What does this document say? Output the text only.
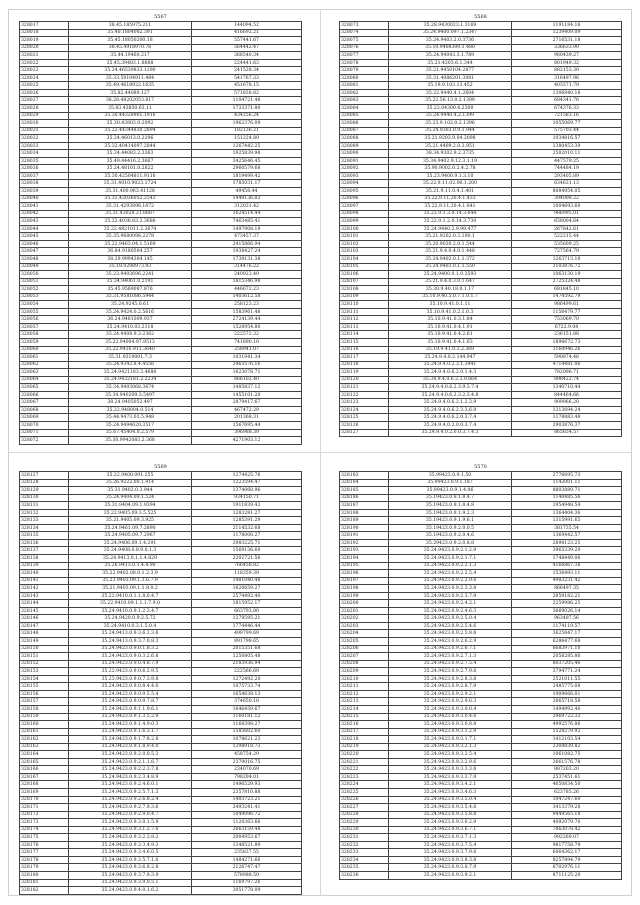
5567
328017	38.45.185975.211	144094.52
328018	35.40.1804002.391	416692.21
328019	35.45.18050200.18	557441.67
328020	38.45.4918970.76	564442.47
328021	35.44.19460.217	368540.34
328022	35.45.39483.1.8688	224441.63
328023	35.24.46539833.1290	241528.34
328024	35.33.59104911.484	541767.33
328025	35.49.4618922.1635	451678.15
328026	35.82.44089.127	571838.82
328027	38.28.48202053.817	1104721.48
328028	35.83.43850.63.11	1733371.80
328029	35.30.44328901.1916	434256.24
328030	35.30.43803.0.2092	1962376.09
328031	35.22.44344830.2894	182136.21
328032	35.24.46013.0.2296	151224.89
328033	35.32.40414097.2844	1267442.25
328034	35.34.44083.2.3363	1925839.98
328035	35.49.44416.2.3667	3425646.45
328036	35.24.48101.0.2822	2960579.68
328037	35.30.42504811.9116	1819499.42
328038	35.31.4010.9023.1724	1785031.17
328039	35.31.400.963.41128	49458.44
328040	35.31.42036052.2543	1449136.02
328041	35.31.4293896.1672	312031.42
328042	35.31.43028.21.6687	1624514.44
328043	35.22.4036.83.2.3686	7463485.41
328044	35.22.4821011.2.3674	1497908.19
328045	35.35.9680098.2278	473457.37
328046	35.22.9463.04.1.5169	2415866.94
328047	36.84.9180504.257	1938427.24
328048	38.29.9994304.145	1739131.38
328049	35.18.0298973.93	314476.22
328050	35.23.9403696.2241	240923.49
328051	35.34.94061.0.2191	1815346.98
328052	35.45.9589087.876	446672.23
328053	35.31.9581086.5944	1403612.58
328054	35.24.9245.0.61	258123.23
328055	35.24.9424.0.2.5616	1583961.48
328056	36.24.9481009.937	2724139.44
328057	35.24.9410.03.2118	1528954.80
328058	35.24.9408.9.3.2362	222572.32
328059	35.22.94004.97.9513	741890.10
328060	35.22.9416.911.3640	358941.07
328061	35.31.9319001.7.3	1031941.34
328062	35.24.9342.8.4.4556	2463576.16
328063	35.24.9421183.3.4688	1623078.71
328064	35.24.9432181.2.2234	866102.40
328065	35.34.9403068.3674	1485837.12
328066	35.34.940209.3.5497	1455101.20
328067	38.24.9405052.497	2879417.67
328068	35.22.948004.0.514	467472.29
328069	35.44.9473.03.5.948	201368.31
328070	35.24.9494620.3517	1567695.44
328071	35.67.45404.0.2.579	396988.39
328072	35.30.9942083.2.368	4271903.12
5568
328073	35.28.9430023.1.3169	1191184.16
328074	35.24.9400.097.1.2347	1239409.09
328075	35.24.9403.2.0.3736	2716531.18
328076	35.10.9408309.1.480	336633.90
328077	35.24.94043.3.1.789	960439.27
328078	35.21.4203.6.1.344	801949.32
328079	35.21.9450104.2877	882153.30
328080	35.31.4086201.3081	316497.96
328081	35.19.9.103.13.452	403571.79
328082	35.22.9440.4.1.2604	1306940.18
328083	35.22.56.13.0.2.1399	684341.76
328084	35.22.04300.4.2300	674376.33
328085	35.24.9440.4.2.1399	721583.16
328086	35.23.9.102.0.2.1396	1055069.77
328087	35.24.9303.0.9.1.944	575703.44
328088	35.21.9203.9.04.2098	1034816.57
328089	35.21.4409.2.0.3.951	1380453.39
328090	38.34.9302.9.2.3735	2502010.11
328091	35.34.9402.9.12.3.1.19	447579.25
328092	35.90.9002.0.2.4.2.78	744484.19
328093	35.23.9400.9.1.3.10	293405.89
328094	35.22.9.11.02.06.1.200	634631.13
328095	35.21.9.11.0.4.1.401	8084954.05
328096	35.22.9.11.20.4.1.433	394008.22
328097	35.22.9.11.20.4.1.841	1004693.60
328098	35.22.9.1.3.0.14.3.644	986995.01
328099	35.22.9.1.2.0.14.3.730	658004.64
328100	35.24.9440.2.9.99.477	267842.61
328101	35.21.9202.0.3.100.1	522215.44
328102	35.20.9030.2.0.1.544	535609.25
328103	35.21.9.4.0.4.0.1.448	727564.79
328104	35.24.9402.0.1.1.372	1263713.10
328105	35.24.9403.0.1.1.550	2103876.72
328106	35.24.9400.0.1.0.3593	1063130.19
328107	35.21.9.4.0.3.0.1.647	2725324.48
328108	35.30.9.40.18.0.1.17	681845.10
328109	35.10.9.40.5.0.7.1.0.1.7	1474592.79
328110	35.10.9.41.0.1.11	986499.61
328111	35.10.9.41.0.2.1.0.3	1156479.77
328112	35.10.9.41.0.3.1.84	753069.70
328113	35.10.9.41.0.4.1.91	6722.9.04
328114	35.10.9.41.0.4.2.61	236151.88
328115	35.10.9.41.0.4.1.63	1896672.73
328116	35.19.9.41.0.3.2.369	1160946.26
328117	35.24.9.4.0.2.144.947	590874.46
328118	35.24.9.4.0.2.3.1.3441	4714481.06
328119	35.24.9.4.0.6.2.0.1.4.3	782096.71
328120	35.34.9.4.0.6.2.3.9.664	898422.74
328121	35.24.9.4.0.6.2.3.9.3.7.4	1340710.44
328122	35.24.9.4.0.6.2.3.2.3.4.8	844464.66
328123	35.24.9.4.0.6.2.1.2.3.9	909966.20
328124	35.24.9.4.0.6.2.3.3.6.0	1313694.24
328125	35.24.9.4.0.6.2.0.3.7.4	1178883.48
328126	35.24.9.4.0.2.0.0.3.7.4	2903876.37
328127	35.24.9.4.0.2.0.0.3.7.4.3	865654.57
5569
328127	35.22.9400.091.255	1274425.76
328128	35.26.9222.00.1.914	1223594.47
328129	35.31.9402.0.3.944	1374068.96
328130	35.24.9404.09.1.524	934150.71
328131	35.31.9404.09.1.9394	1911839.43
328132	35.22.9405.09.3.5.525	1283281.27
328133	35.21.9405.09.3.925	1285391.29
328134	35.24.9461.09.7.2890	2114532.68
328135	35.24.9405.09.7.2967	1178000.27
328136	35.24.9406.09.1.4.291	2983225.71
328137	35.24.9408.0.8.9.0.1.3	1569136.60
328138	35.24.9413.0.1.1.4.829	2202721.56
328139	35.26.9413.0.1.4.4.90	766458.82
328140	35.22.9402.08.0.1.2.3.9	118359.39
328141	35.23.9403.09.1.3.6.7.9	1481040.48
328142	35.21.9403.09.1.1.8.0.2	1620659.27
328143	35.22.9410.0.1.1.8.0.4.7	2574492.40
328144	35.22.9410.09.1.1.1.7.9.0	1815952.17
328145	35.24.9410.0.9.1.2.3.4.7	663793.80
328146	35.24.9420.0.9.2.5.72	1279595.21
328147	35.24.9410.0.3.1.5.0.4	1774446.44
328148	35.24.9413.0.9.3.6.2.3.6	499799.69
328149	35.24.9413.0.9.3.7.0.8.3	891798.65
328150	35.24.9423.0.9.0.1.8.3.2	2015351.68
328151	35.24.9423.0.9.0.3.2.6.8	1250805.48
328152	35.24.9423.0.9.0.4.8.7.9	2183936.94
328153	35.22.9423.0.9.0.6.2.9.5	222566.69
328154	35.23.9423.0.9.0.7.3.9.8	1272492.20
328155	35.24.9423.0.9.0.8.4.4.0	1075733.74
328156	35.24.9423.0.9.0.9.5.5.4	1654638.13
328157	35.24.9423.0.9.0.9.7.8.7	374650.18
328158	35.24.9423.0.9.1.1.9.6.1	1646459.67
328159	35.24.9423.0.9.1.3.5.2.9	1160181.12
328160	35.24.9423.0.9.1.4.9.0.3	1168398.27
328161	35.24.9423.0.9.1.6.3.1.7	1585602.60
328162	35.24.9423.0.9.1.7.8.2.8	1078621.23
328163	35.24.9423.0.9.1.8.9.4.0	1298918.73
328164	35.24.9423.0.9.2.0.0.5.3	458754.29
328165	35.24.9423.0.9.2.1.1.6.7	2370016.75
328166	35.24.9423.0.9.2.2.3.7.8	234070.69
328167	35.24.9423.0.9.2.3.4.8.9	798294.01
328168	35.24.9423.0.9.2.4.6.0.1	1496529.93
328169	35.24.9423.0.9.2.5.7.1.3	2357810.88
328170	35.24.9423.0.9.2.6.8.2.4	1403723.21
328171	35.24.9423.0.9.2.7.9.3.6	2493241.41
328172	35.24.9423.0.9.2.9.0.4.7	1049096.72
328173	35.24.9423.0.9.3.0.1.5.9	1120363.66
328174	35.24.9423.0.9.3.1.2.7.0	2663159.48
328175	35.24.9423.0.9.3.2.3.8.2	2004953.67
328176	35.24.9423.0.9.3.3.4.9.3	1348521.89
328177	35.24.9423.0.9.3.4.6.0.5	235837.55
328178	35.24.9423.0.9.3.5.7.1.6	1484271.66
328179	35.24.9423.0.9.3.6.8.2.8	2126747.47
328180	35.24.9423.0.9.3.7.9.3.9	578988.50
328181	35.24.9423.0.9.3.9.0.5.1	1169797.26
328182	35.24.9423.0.9.4.0.1.6.2	3051778.09
5570
328183	35.99423.0.9.1.50	2776695.73
328184	35.99423.0.9.1.187	1142001.11
328185	35.99423.0.9.1.4.06	8803889.71
328186	35.19423.0.9.1.8.4.7	1140485.56
328187	35.19423.0.9.1.8.4.8	1954948.54
328188	35.19423.0.9.1.9.2.3	1364404.36
328189	35.19423.0.9.1.9.6.1	1315991.65
328190	35.19423.0.9.2.0.0.5	381735.54
328191	35.19423.0.9.2.0.4.6	1369442.57
328192	35.29423.0.9.2.0.8.8	2898123.25
328193	35.24.9423.0.9.2.1.2.9	3965339.20
328194	35.24.9423.0.9.2.1.7.1	1748449.06
328195	35.24.9423.0.9.2.2.1.3	4166867.38
328196	35.24.9423.0.9.2.2.5.4	1536493.11
328197	35.24.9423.0.9.2.2.9.6	4983231.42
328198	35.24.9423.0.9.2.3.3.8	866497.35
328199	35.24.9423.0.9.2.3.7.9	2859182.21
328200	35.24.9423.0.9.2.4.2.1	2259986.25
328201	35.24.9423.0.9.2.4.6.3	3669026.14
328202	35.24.9423.0.9.2.5.0.4	963497.56
328203	35.24.9423.0.9.2.5.4.6	1174119.57
328204	35.24.9423.0.9.2.5.8.8	3625847.17
328205	35.24.9423.0.9.2.6.2.9	6286477.68
328206	35.24.9423.0.9.2.6.7.1	6683971.10
328207	35.24.9423.0.9.2.7.1.3	2058285.86
328208	35.24.9423.0.9.2.7.5.4	8037205.46
328209	35.24.9423.0.9.2.7.9.6	3794771.24
328210	35.24.9423.0.9.2.8.3.8	2521011.55
328211	35.24.9423.0.9.2.8.7.9	2485775.08
328212	35.24.9423.0.9.2.9.2.1	1909666.01
328213	35.24.9423.0.9.2.9.6.3	2665718.58
328214	35.24.9423.0.9.3.0.0.4	1494992.40
328215	35.24.9423.0.9.3.0.4.6	2969722.33
328216	35.24.9423.0.9.3.0.8.8	4992576.86
328217	35.24.9423.0.9.3.1.2.9	1528279.92
328218	35.24.9423.0.9.3.1.7.1	1412103.54
328219	35.24.9423.0.9.3.2.1.3	2304839.82
328220	35.24.9423.0.9.3.2.5.4	1061082.75
328221	35.24.9423.0.9.3.2.9.6	2661576.78
328222	35.24.9423.0.9.3.3.3.8	887203.20
328223	35.24.9423.0.9.3.3.7.9	2537451.61
328224	35.24.9423.0.9.3.4.2.1	4650834.50
328225	35.24.9423.0.9.3.4.6.3	623785.26
328226	35.24.9423.0.9.3.5.0.4	1047247.60
328227	35.24.9423.0.9.3.5.4.6	3413379.28
328228	35.24.9423.0.9.3.5.8.8	9449565.18
328229	35.24.9423.0.9.3.6.2.9	4092079.70
328230	35.24.9423.0.9.3.6.7.1	7863078.42
328231	35.24.9423.0.9.3.7.1.3	992269.07
328232	35.24.9423.0.9.3.7.5.4	9817758.79
328233	35.24.9423.0.9.3.7.9.6	6064362.17
328234	35.24.9423.0.9.3.8.3.8	8257894.79
328235	35.24.9423.0.9.3.8.7.9	6702976.11
328236	35.24.9423.0.9.3.9.2.1	8711125.20
